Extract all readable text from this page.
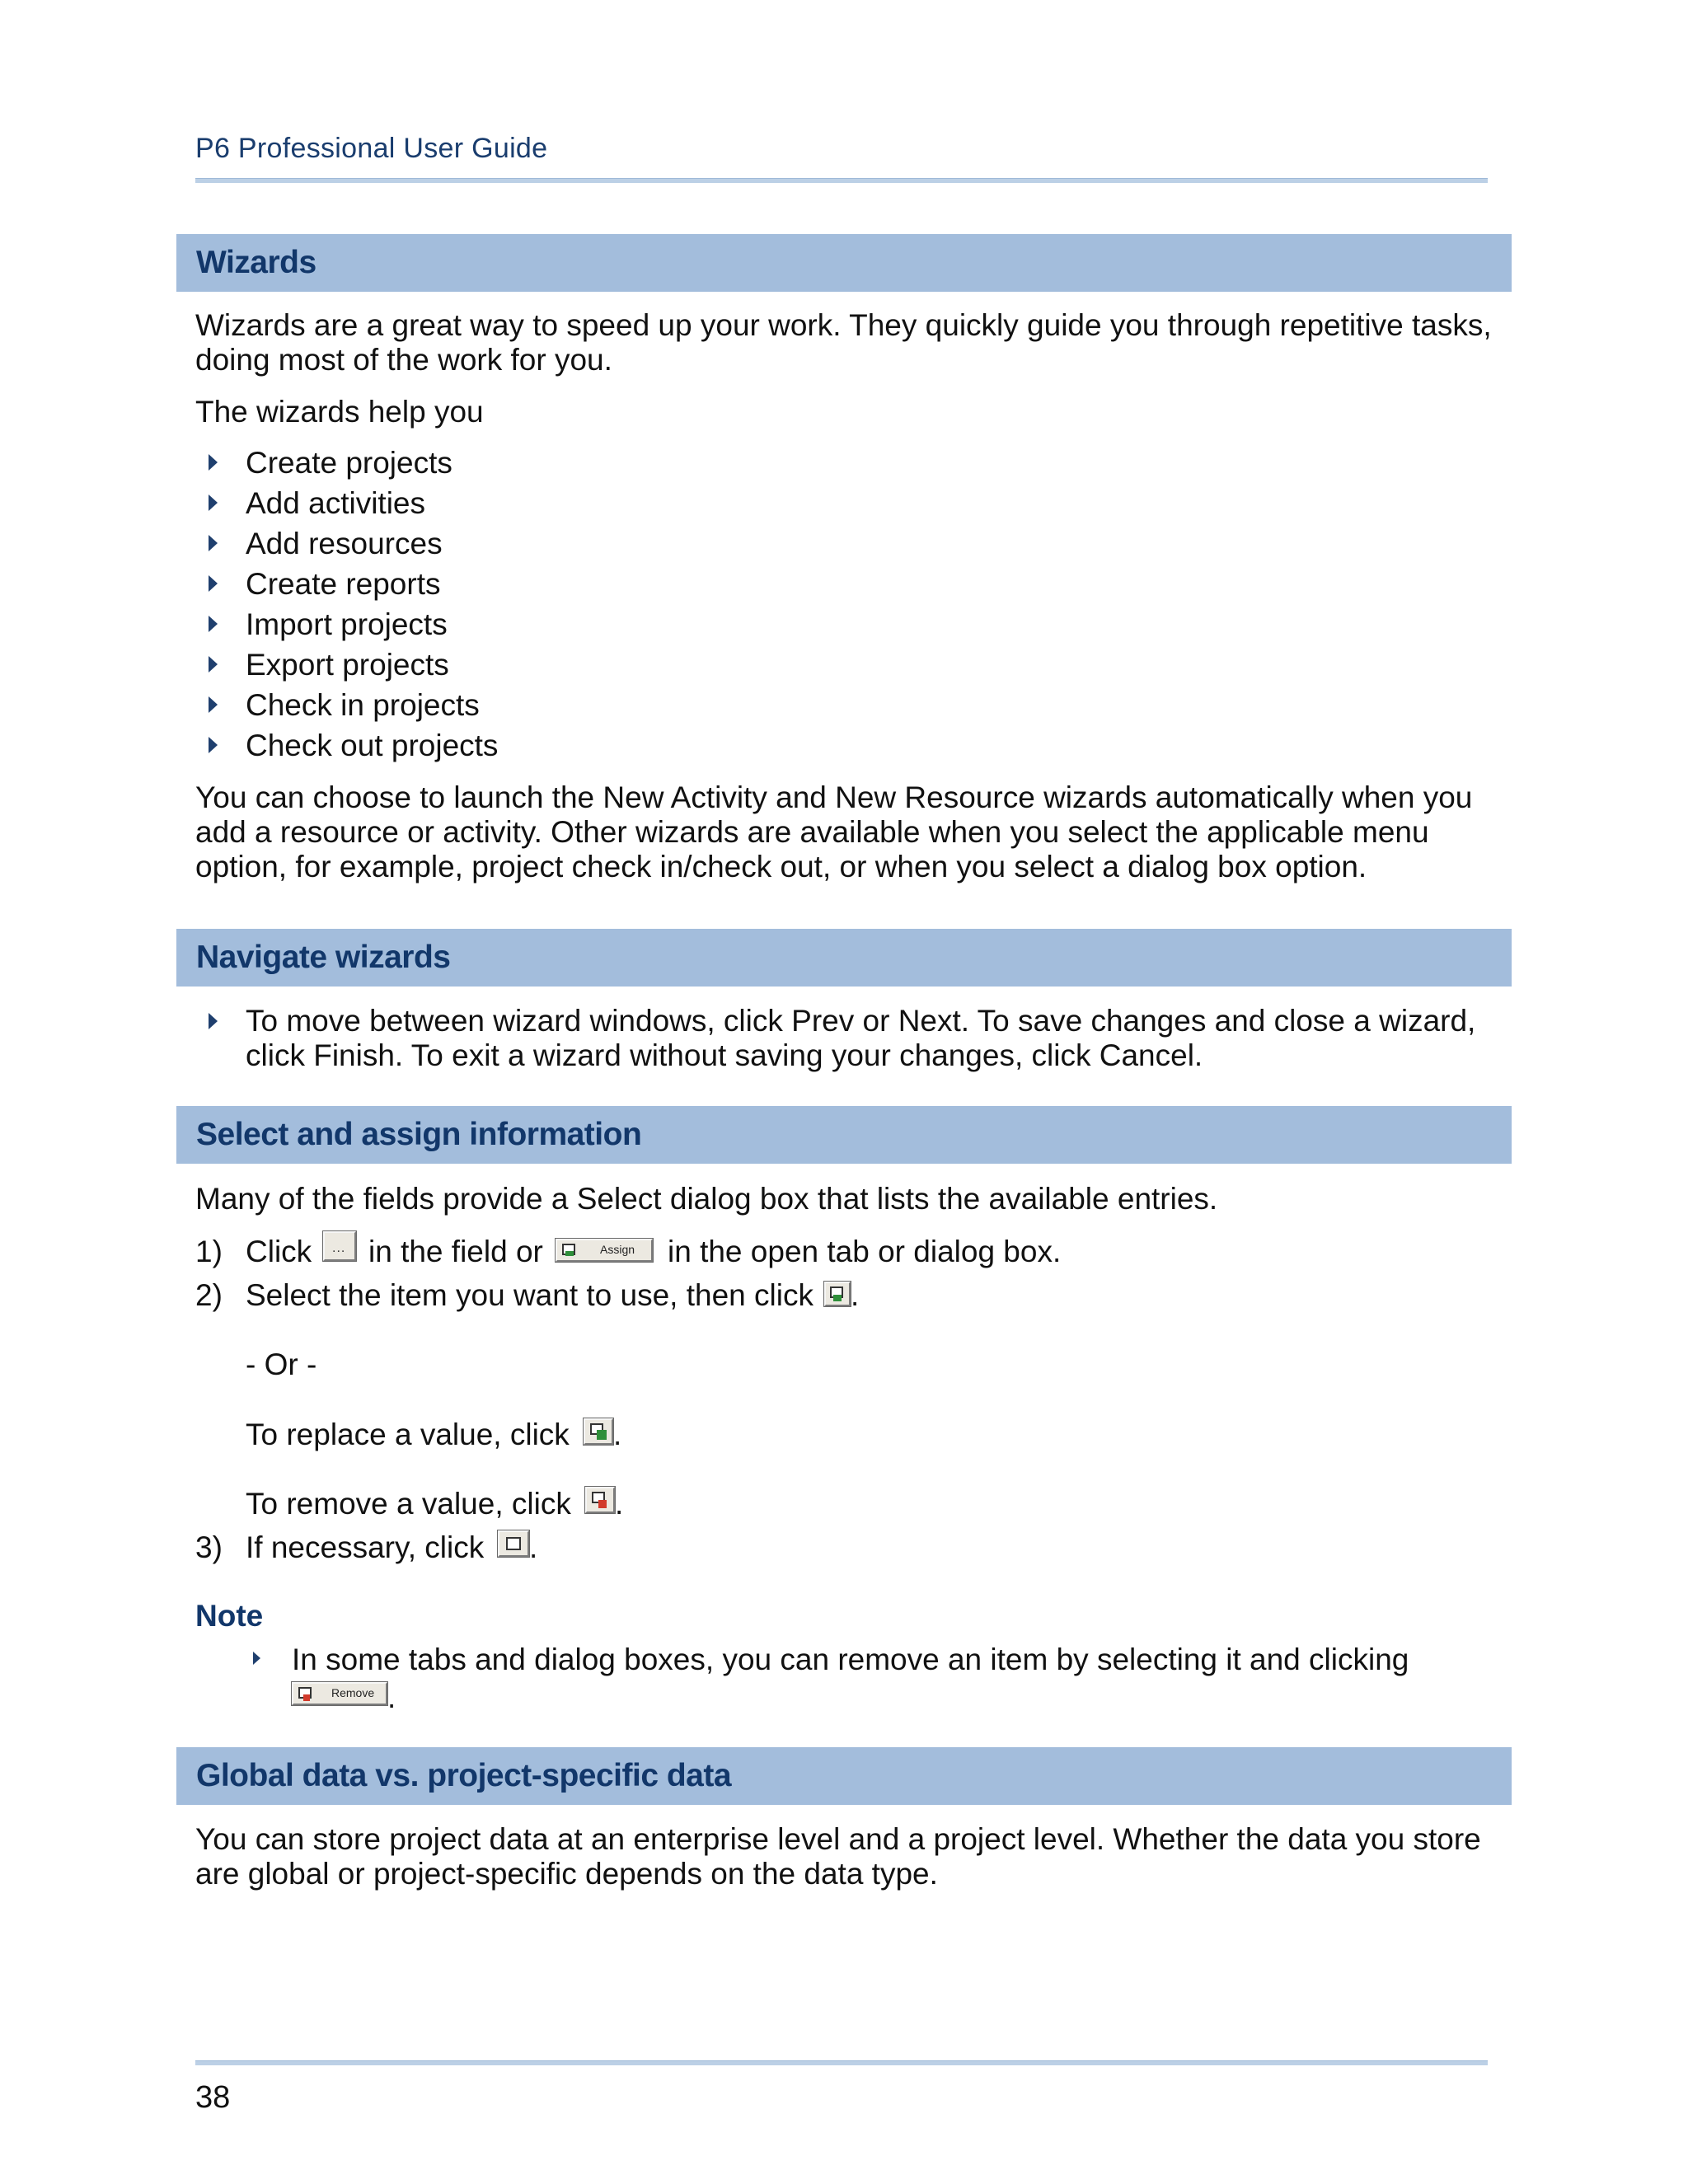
P6 Professional User Guide
Wizards
Wizards are a great way to speed up your work. They quickly guide you through repetitive tasks,
doing most of the work for you.
The wizards help you
Create projects
Add activities
Add resources
Create reports
Import projects
Export projects
Check in projects
Check out projects
You can choose to launch the New Activity and New Resource wizards automatically when you
add a resource or activity. Other wizards are available when you select the applicable menu
option, for example, project check in/check out, or when you select a dialog box option.
Navigate wizards
To move between wizard windows, click Prev or Next. To save changes and close a wizard,
click Finish. To exit a wizard without saving your changes, click Cancel.
Select and assign information
Many of the fields provide a Select dialog box that lists the available entries.
1) Click ... in the field or	Assign in the open tab or dialog box.
2) Select the item you want to use, then click .
- Or -
To replace a value, click .
To remove a value, click .
3) If necessary, click .
Note
In some tabs and dialog boxes, you can remove an item by selecting it and clicking
Remove .
Global data vs. project-specific data
You can store project data at an enterprise level and a project level. Whether the data you store
are global or project-specific depends on the data type.
38
